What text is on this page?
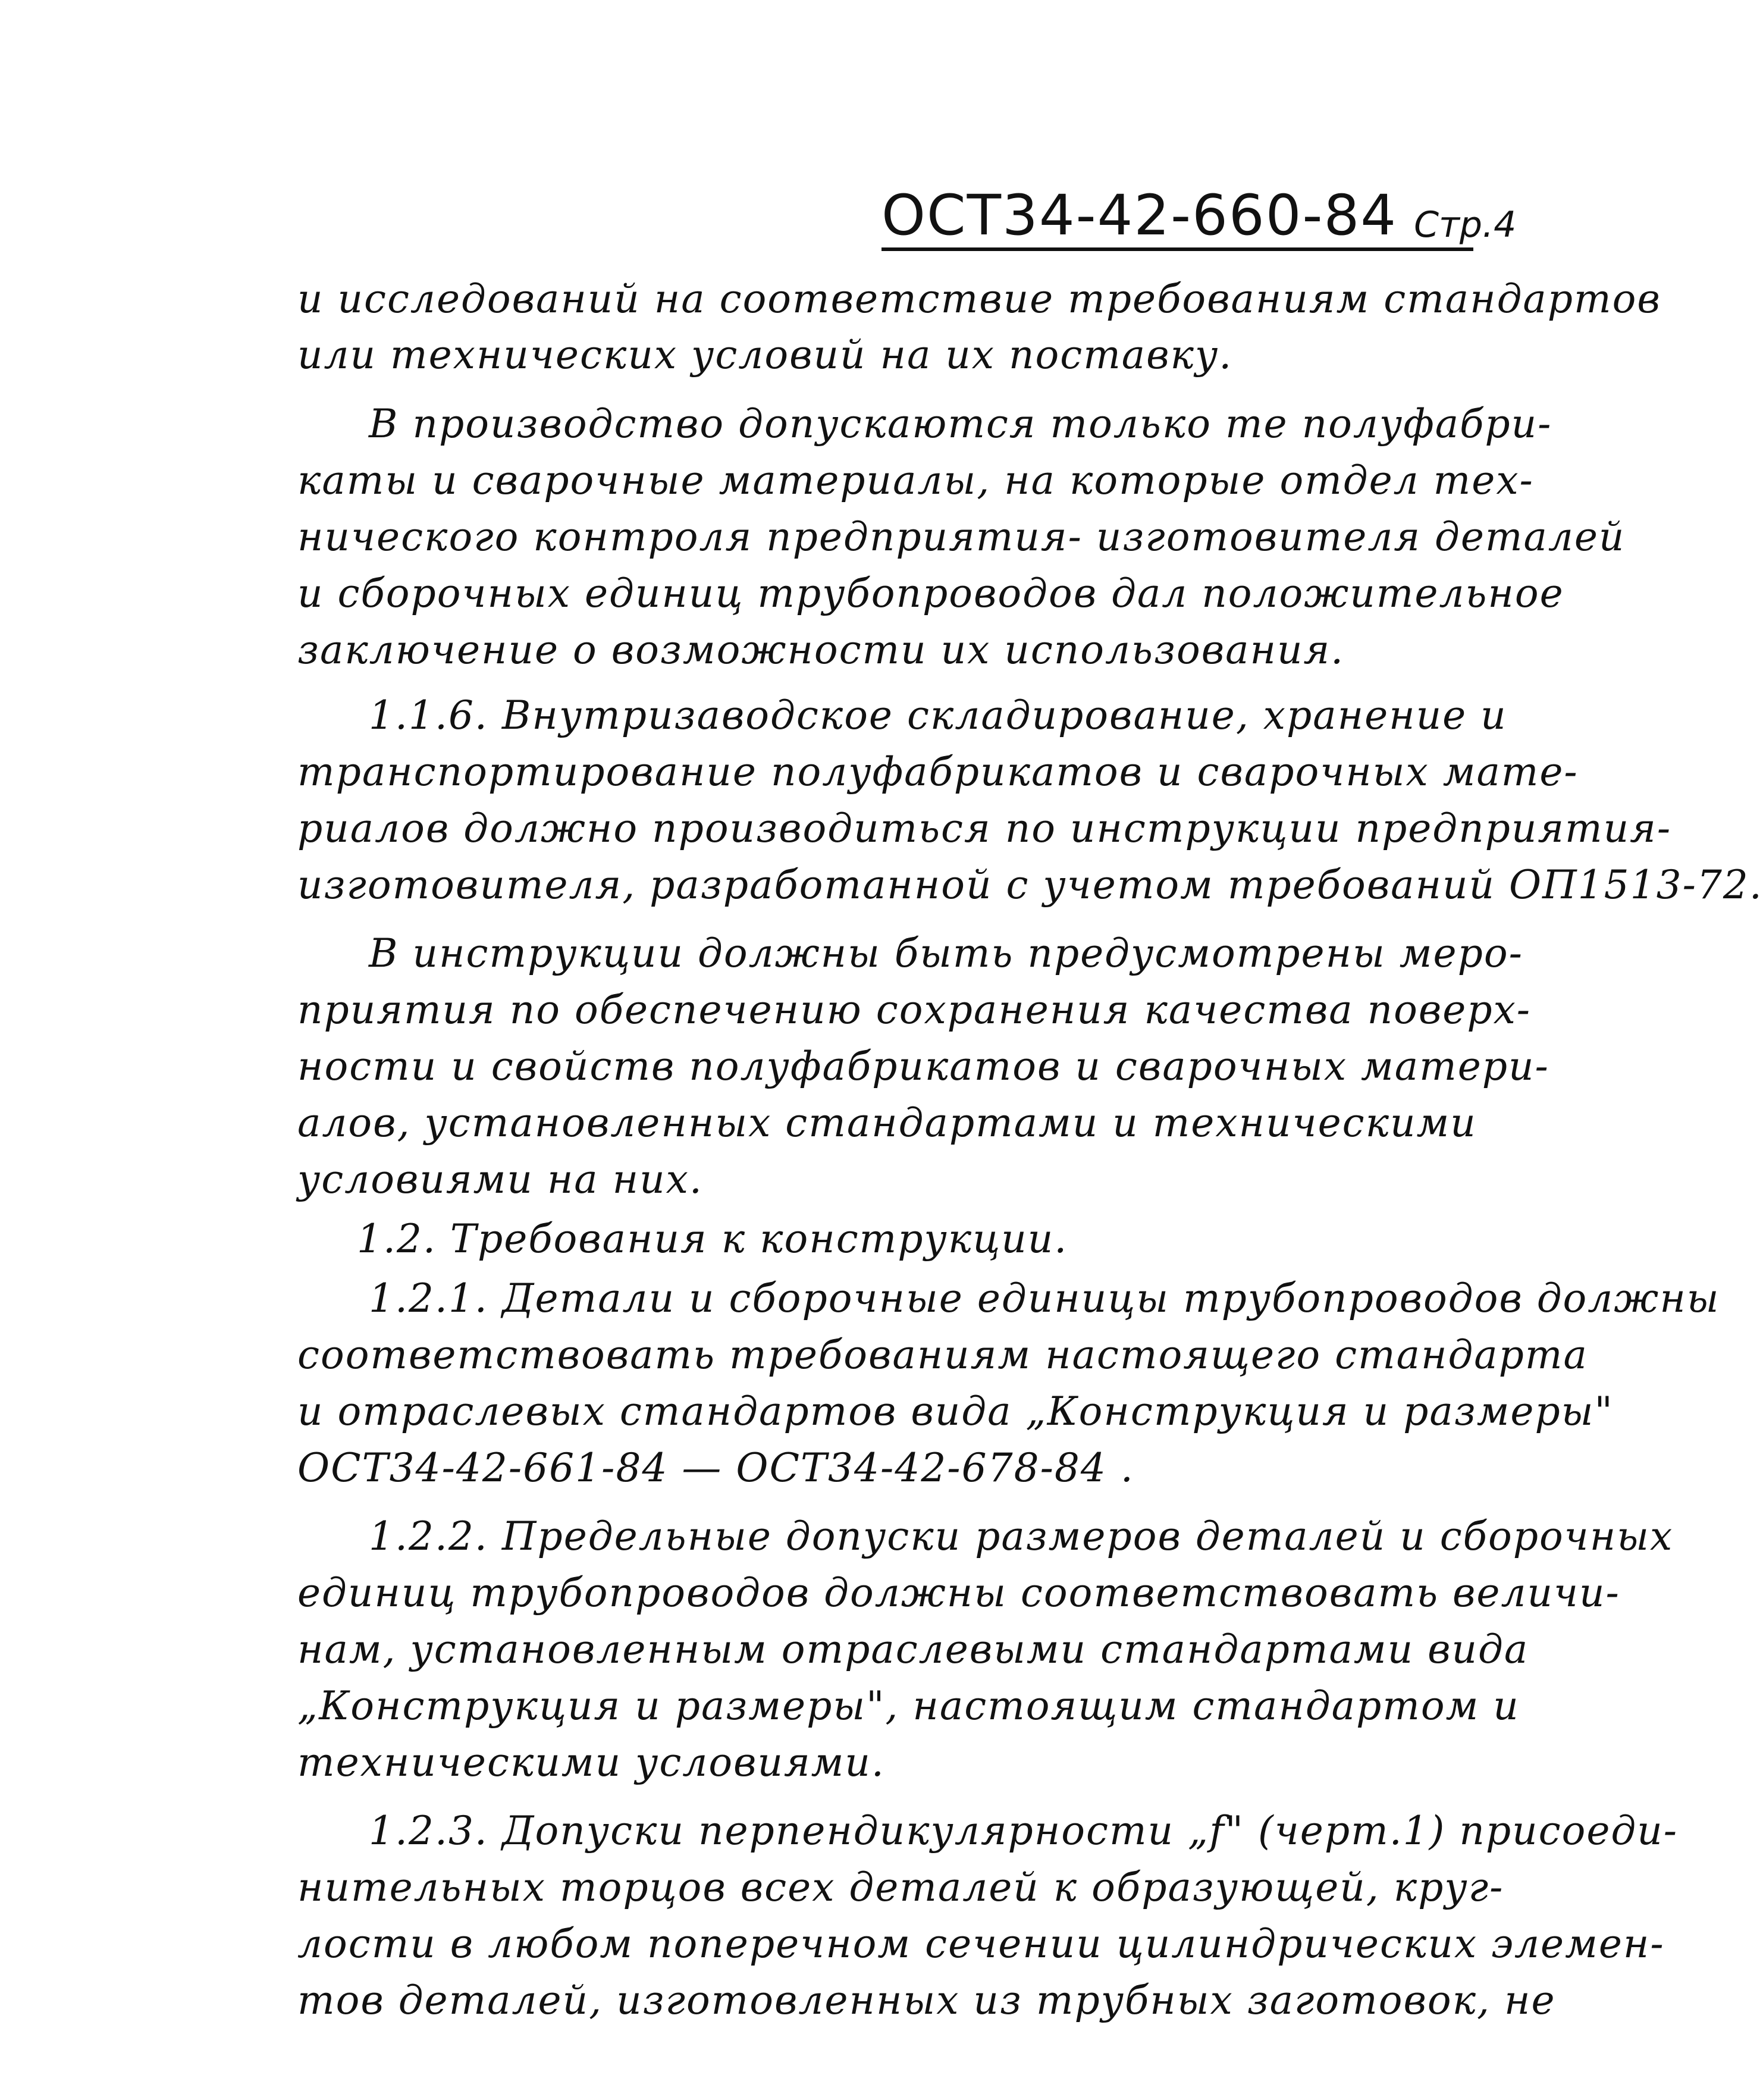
ОСТ34-42-660-84 Стр.4
и исследований на соответствие требованиям стандартов
или технических условий на их поставку.
В производство допускаются только те полуфабри-
каты и сварочные материалы, на которые отдел тех-
нического контроля предприятия- изготовителя деталей
и сборочных единиц трубопроводов дал положительное
заключение о возможности их использования.
1.1.6. Внутризаводское складирование, хранение и
транспортирование полуфабрикатов и сварочных мате-
риалов должно производиться по инструкции предприятия-
изготовителя, разработанной с учетом требований ОП1513-72.
В инструкции должны быть предусмотрены меро-
приятия по обеспечению сохранения качества поверх-
ности и свойств полуфабрикатов и сварочных матери-
алов, установленных стандартами и техническими
условиями на них.
1.2. Требования к конструкции.
1.2.1. Детали и сборочные единицы трубопроводов должны
соответствовать требованиям настоящего стандарта
и отраслевых стандартов вида „Конструкция и размеры"
ОСТ34-42-661-84 — ОСТ34-42-678-84 .
1.2.2. Предельные допуски размеров деталей и сборочных
единиц трубопроводов должны соответствовать величи-
нам, установленным отраслевыми стандартами вида
„Конструкция и размеры", настоящим стандартом и
техническими условиями.
1.2.3. Допуски перпендикулярности „f" (черт.1) присоеди-
нительных торцов всех деталей к образующей, круг-
лости в любом поперечном сечении цилиндрических элемен-
тов деталей, изготовленных из трубных заготовок, не
